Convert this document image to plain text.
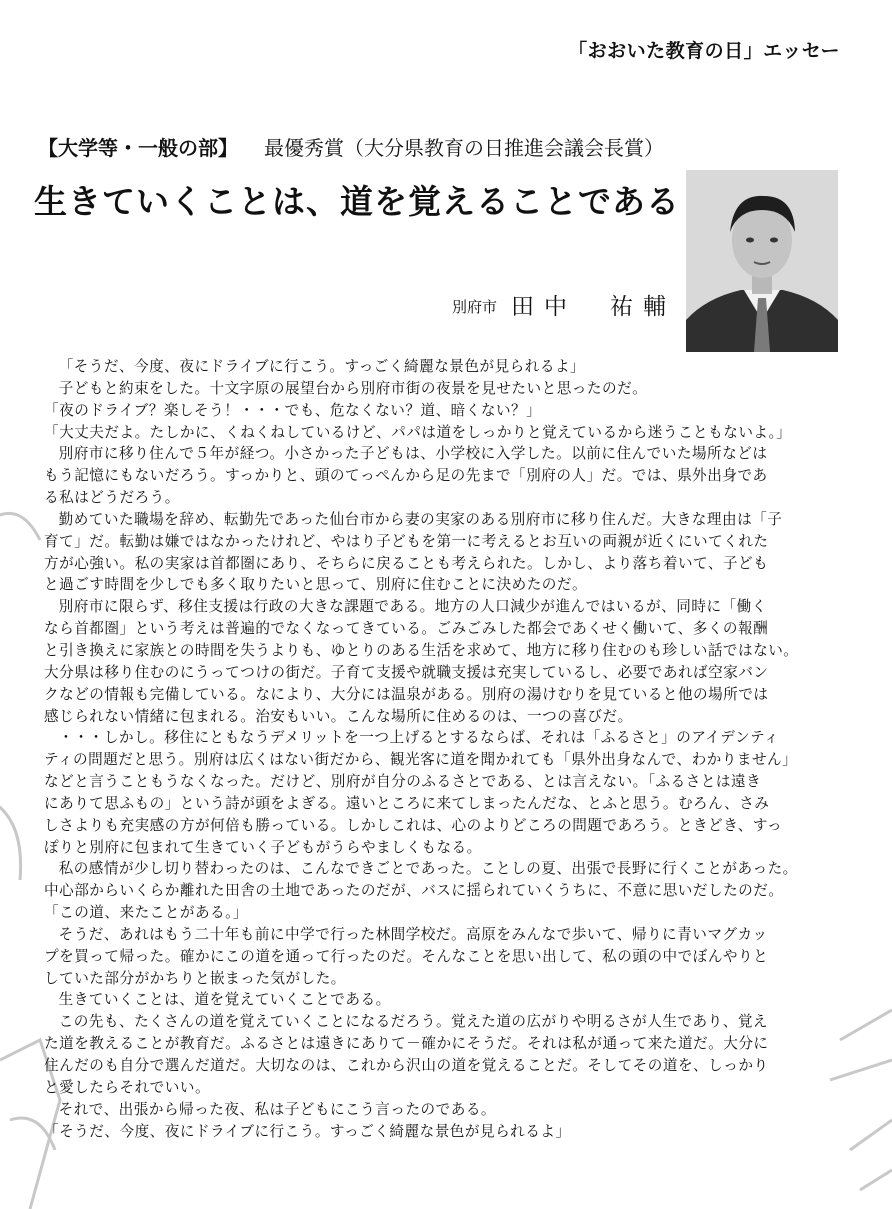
「おおいた教育の日」エッセー
【大学等・一般の部】 最優秀賞（大分県教育の日推進会議会長賞）
生きていくことは、道を覚えることである
別府市 田中　祐輔

「そうだ、今度、夜にドライブに行こう。すっごく綺麗な景色が見られるよ」

子どもと約束をした。十文字原の展望台から別府市街の夜景を見せたいと思ったのだ。

「夜のドライブ？楽しそう！・・・でも、危なくない？道、暗くない？」

「大丈夫だよ。たしかに、くねくねしているけど、パパは道をしっかりと覚えているから迷うこともないよ。」

別府市に移り住んで５年が経つ。小さかった子どもは、小学校に入学した。以前に住んでいた場所などは

もう記憶にもないだろう。すっかりと、頭のてっぺんから足の先まで「別府の人」だ。では、県外出身であ

る私はどうだろう。

勤めていた職場を辞め、転勤先であった仙台市から妻の実家のある別府市に移り住んだ。大きな理由は「子

育て」だ。転勤は嫌ではなかったけれど、やはり子どもを第一に考えるとお互いの両親が近くにいてくれた

方が心強い。私の実家は首都圏にあり、そちらに戻ることも考えられた。しかし、より落ち着いて、子ども

と過ごす時間を少しでも多く取りたいと思って、別府に住むことに決めたのだ。

別府市に限らず、移住支援は行政の大きな課題である。地方の人口減少が進んではいるが、同時に「働く

なら首都圏」という考えは普遍的でなくなってきている。ごみごみした都会であくせく働いて、多くの報酬

と引き換えに家族との時間を失うよりも、ゆとりのある生活を求めて、地方に移り住むのも珍しい話ではない。

大分県は移り住むのにうってつけの街だ。子育て支援や就職支援は充実しているし、必要であれば空家バン

クなどの情報も完備している。なにより、大分には温泉がある。別府の湯けむりを見ていると他の場所では

感じられない情緒に包まれる。治安もいい。こんな場所に住めるのは、一つの喜びだ。

・・・しかし。移住にともなうデメリットを一つ上げるとするならば、それは「ふるさと」のアイデンティ

ティの問題だと思う。別府は広くはない街だから、観光客に道を聞かれても「県外出身なんで、わかりません」

などと言うこともうなくなった。だけど、別府が自分のふるさとである、とは言えない。「ふるさとは遠き

にありて思ふもの」という詩が頭をよぎる。遠いところに来てしまったんだな、とふと思う。むろん、さみ

しさよりも充実感の方が何倍も勝っている。しかしこれは、心のよりどころの問題であろう。ときどき、すっ

ぽりと別府に包まれて生きていく子どもがうらやましくもなる。

私の感情が少し切り替わったのは、こんなできごとであった。ことしの夏、出張で長野に行くことがあった。

中心部からいくらか離れた田舎の土地であったのだが、バスに揺られていくうちに、不意に思いだしたのだ。

「この道、来たことがある。」

そうだ、あれはもう二十年も前に中学で行った林間学校だ。高原をみんなで歩いて、帰りに青いマグカッ

プを買って帰った。確かにこの道を通って行ったのだ。そんなことを思い出して、私の頭の中でぼんやりと

していた部分がかちりと嵌まった気がした。

生きていくことは、道を覚えていくことである。

この先も、たくさんの道を覚えていくことになるだろう。覚えた道の広がりや明るさが人生であり、覚え

た道を教えることが教育だ。ふるさとは遠きにありて－確かにそうだ。それは私が通って来た道だ。大分に

住んだのも自分で選んだ道だ。大切なのは、これから沢山の道を覚えることだ。そしてその道を、しっかり

と愛したらそれでいい。

それで、出張から帰った夜、私は子どもにこう言ったのである。

「そうだ、今度、夜にドライブに行こう。すっごく綺麗な景色が見られるよ」
